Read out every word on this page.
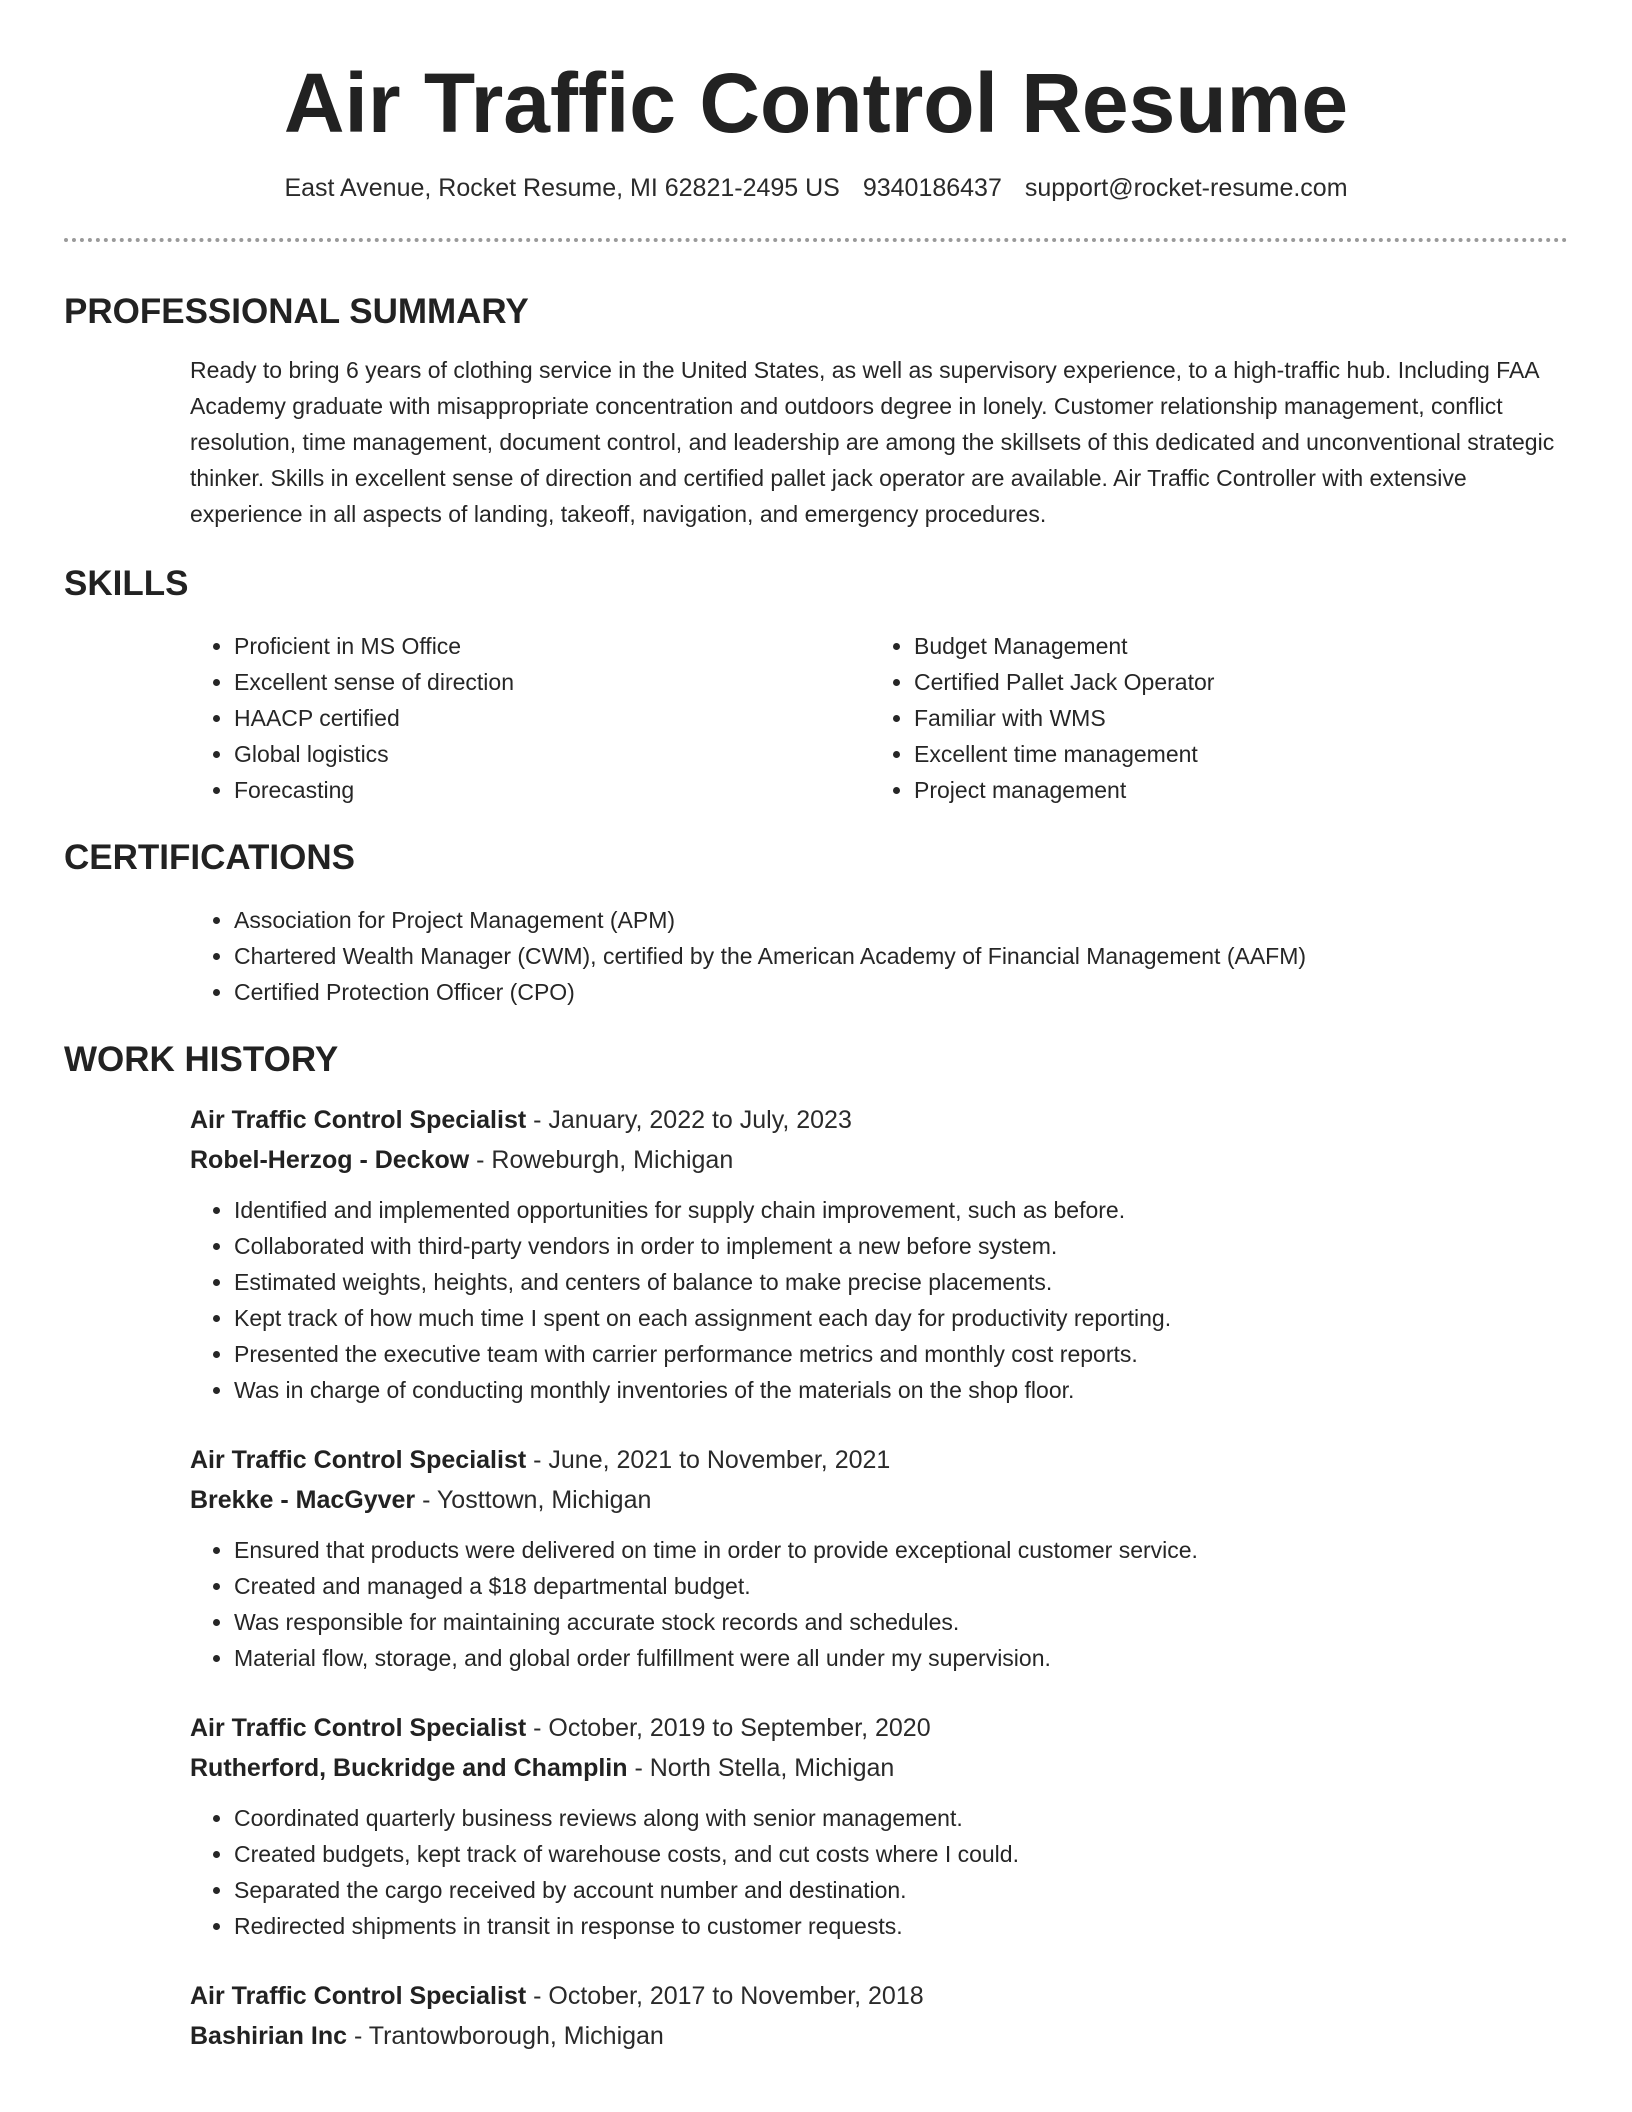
Air Traffic Control Resume
East Avenue, Rocket Resume, MI 62821-2495 US 9340186437 support@rocket-resume.com
PROFESSIONAL SUMMARY
Ready to bring 6 years of clothing service in the United States, as well as supervisory experience, to a high-traffic hub. Including FAA Academy graduate with misappropriate concentration and outdoors degree in lonely. Customer relationship management, conflict resolution, time management, document control, and leadership are among the skillsets of this dedicated and unconventional strategic thinker. Skills in excellent sense of direction and certified pallet jack operator are available. Air Traffic Controller with extensive experience in all aspects of landing, takeoff, navigation, and emergency procedures.
SKILLS
• Proficient in MS Office
• Excellent sense of direction
• HAACP certified
• Global logistics
• Forecasting
• Budget Management
• Certified Pallet Jack Operator
• Familiar with WMS
• Excellent time management
• Project management
CERTIFICATIONS
• Association for Project Management (APM)
• Chartered Wealth Manager (CWM), certified by the American Academy of Financial Management (AAFM)
• Certified Protection Officer (CPO)
WORK HISTORY
Air Traffic Control Specialist - January, 2022 to July, 2023
Robel-Herzog - Deckow - Roweburgh, Michigan
• Identified and implemented opportunities for supply chain improvement, such as before.
• Collaborated with third-party vendors in order to implement a new before system.
• Estimated weights, heights, and centers of balance to make precise placements.
• Kept track of how much time I spent on each assignment each day for productivity reporting.
• Presented the executive team with carrier performance metrics and monthly cost reports.
• Was in charge of conducting monthly inventories of the materials on the shop floor.
Air Traffic Control Specialist - June, 2021 to November, 2021
Brekke - MacGyver - Yosttown, Michigan
• Ensured that products were delivered on time in order to provide exceptional customer service.
• Created and managed a $18 departmental budget.
• Was responsible for maintaining accurate stock records and schedules.
• Material flow, storage, and global order fulfillment were all under my supervision.
Air Traffic Control Specialist - October, 2019 to September, 2020
Rutherford, Buckridge and Champlin - North Stella, Michigan
• Coordinated quarterly business reviews along with senior management.
• Created budgets, kept track of warehouse costs, and cut costs where I could.
• Separated the cargo received by account number and destination.
• Redirected shipments in transit in response to customer requests.
Air Traffic Control Specialist - October, 2017 to November, 2018
Bashirian Inc - Trantowborough, Michigan
